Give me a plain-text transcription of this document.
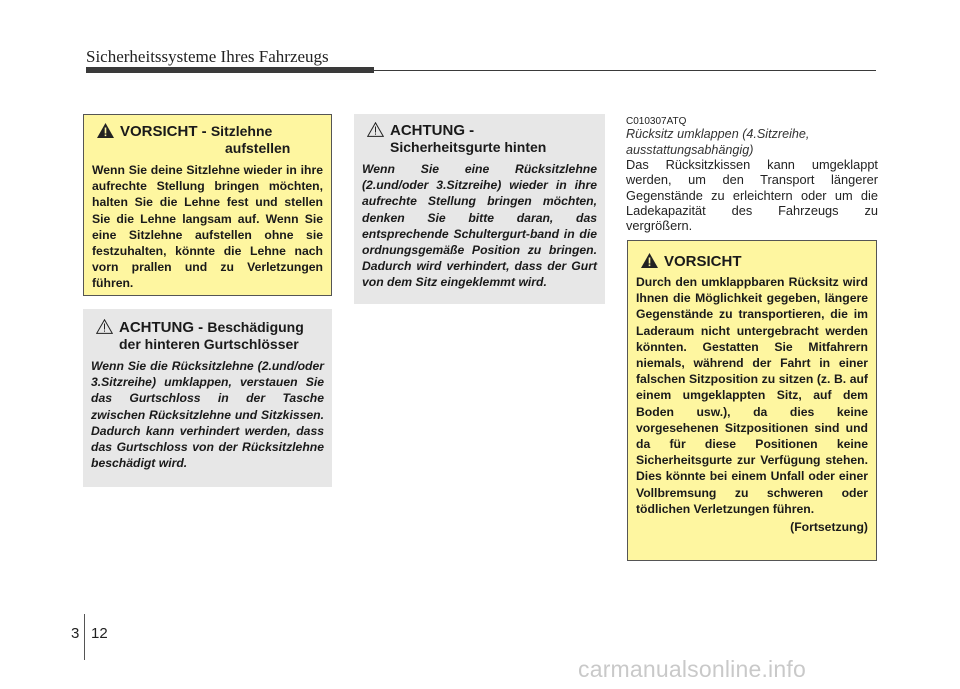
Sicherheitssysteme Ihres Fahrzeugs
VORSICHT - Sitzlehne
aufstellen
Wenn Sie deine Sitzlehne wieder in ihre aufrechte Stellung bringen möchten, halten Sie die Lehne fest und stellen Sie die Lehne langsam auf. Wenn Sie eine Sitzlehne aufstellen ohne sie festzuhalten, könnte die Lehne nach vorn prallen und zu Verletzungen führen.
ACHTUNG - Beschädigung
der hinteren Gurtschlösser
Wenn Sie die Rücksitzlehne (2.und/oder 3.Sitzreihe) umklappen, verstauen Sie das Gurtschloss in der Tasche zwischen Rücksitzlehne und Sitzkissen. Dadurch kann verhindert werden, dass das Gurtschloss von der Rücksitzlehne beschädigt wird.
ACHTUNG -
Sicherheitsgurte hinten
Wenn Sie eine Rücksitzlehne (2.und/oder 3.Sitzreihe) wieder in ihre aufrechte Stellung bringen möchten, denken Sie bitte daran, das entsprechende Schultergurt-band in die ordnungsgemäße Position zu bringen. Dadurch wird verhindert, dass der Gurt von dem Sitz eingeklemmt wird.
C010307ATQ
Rücksitz umklappen (4.Sitzreihe, ausstattungsabhängig)
Das Rücksitzkissen kann umgeklappt werden, um den Transport längerer Gegenstände zu erleichtern oder um die Ladekapazität des Fahrzeugs zu vergrößern.
VORSICHT
Durch den umklappbaren Rücksitz wird Ihnen die Möglichkeit gegeben, längere Gegenstände zu transportieren, die im Laderaum nicht untergebracht werden könnten. Gestatten Sie Mitfahrern niemals, während der Fahrt in einer falschen Sitzposition zu sitzen (z. B. auf einem umgeklappten Sitz, auf dem Boden usw.), da dies keine vorgesehenen Sitzpositionen sind und da für diese Positionen keine Sicherheitsgurte zur Verfügung stehen. Dies könnte bei einem Unfall oder einer Vollbremsung zu schweren oder tödlichen Verletzungen führen.
(Fortsetzung)
3 12
carmanualsonline.info
